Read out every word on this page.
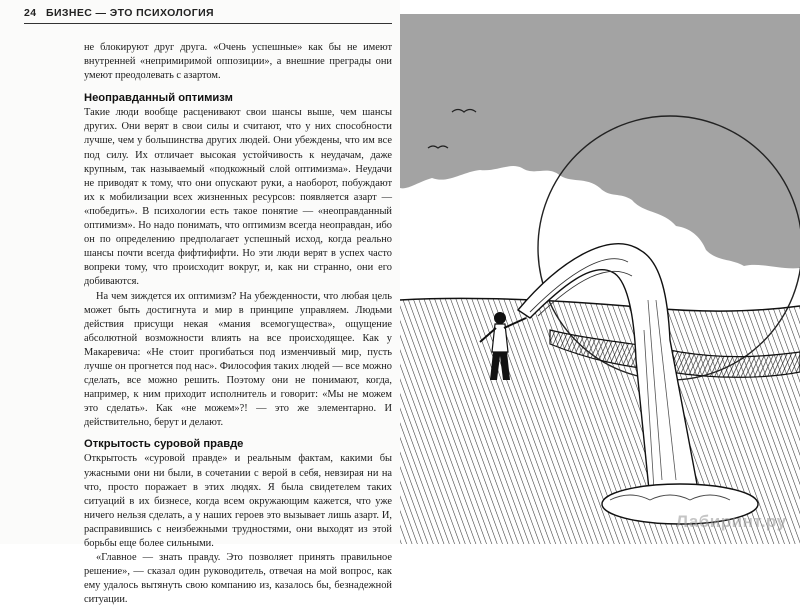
24 БИЗНЕС — ЭТО ПСИХОЛОГИЯ

не блокируют друг друга. «Очень успешные» как бы не имеют внутренней «непримиримой оппозиции», а внешние преграды они умеют преодолевать с азартом.

Неоправданный оптимизм

Такие люди вообще расценивают свои шансы выше, чем шансы других. Они верят в свои силы и считают, что у них способности лучше, чем у большинства других людей. Они убеждены, что им все под силу. Их отличает высокая устойчивость к неудачам, даже крупным, так называемый «подкожный слой оптимизма». Неудачи не приводят к тому, что они опускают руки, а наоборот, побуждают их к мобилизации всех жизненных ресурсов: появляется азарт — «победить». В психологии есть такое понятие — «неоправданный оптимизм». Но надо понимать, что оптимизм всегда неоправдан, ибо он по определению предполагает успешный исход, когда реально шансы почти всегда фифтифифти. Но эти люди верят в успех часто вопреки тому, что происходит вокруг, и, как ни странно, они его добиваются.

На чем зиждется их оптимизм? На убежденности, что любая цель может быть достигнута и мир в принципе управляем. Людьми действия присущи некая «мания всемогущества», ощущение абсолютной возможности влиять на все происходящее. Как у Макаревича: «Не стоит прогибаться под изменчивый мир, пусть лучше он прогнется под нас». Философия таких людей — все можно сделать, все можно решить. Поэтому они не понимают, когда, например, к ним приходит исполнитель и говорит: «Мы не можем это сделать». Как «не можем»?! — это же элементарно. И действительно, берут и делают.

Открытость суровой правде

Открытость «суровой правде» и реальным фактам, какими бы ужасными они ни были, в сочетании с верой в себя, невзирая ни на что, просто поражает в этих людях. Я была свидетелем таких ситуаций в их бизнесе, когда всем окружающим кажется, что уже ничего нельзя сделать, а у наших героев это вызывает лишь азарт. И, расправившись с неизбежными трудностями, они выходят из этой борьбы еще более сильными.

«Главное — знать правду. Это позволяет принять правильное решение», — сказал один руководитель, отвечая на мой вопрос, как ему удалось вытянуть свою компанию из, казалось бы, безнадежной ситуации.

Лабиринт.ру
